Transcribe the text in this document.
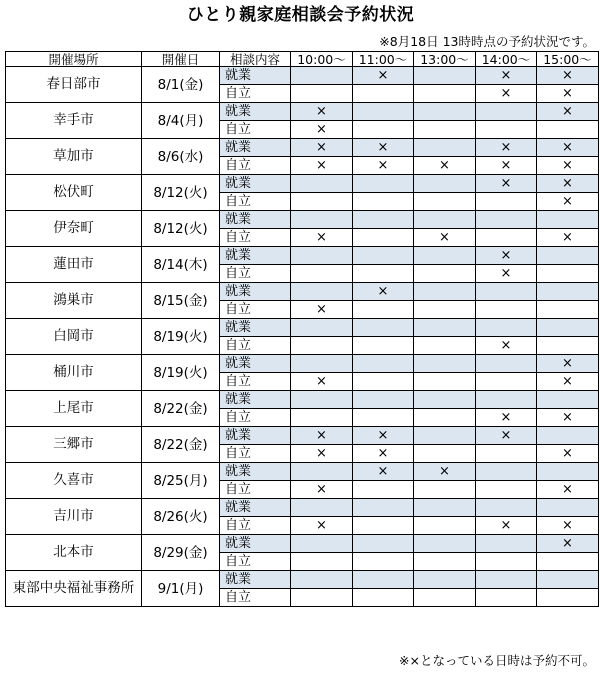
ひとり親家庭相談会予約状況
※8月18日 13時時点の予約状況です。
開催場所	開催日	相談内容	10:00～	11:00～	13:00～	14:00～	15:00～
春日部市	8/1(金)	就業		×		×	×
		自立				×	×
幸手市	8/4(月)	就業	×				×
		自立	×				
草加市	8/6(水)	就業	×	×		×	×
		自立	×	×	×	×	×
松伏町	8/12(火)	就業				×	×
		自立					×
伊奈町	8/12(火)	就業					
		自立	×		×		×
蓮田市	8/14(木)	就業				×	
		自立				×	
鴻巣市	8/15(金)	就業		×			
		自立	×				
白岡市	8/19(火)	就業					
		自立				×	
桶川市	8/19(火)	就業					×
		自立	×				×
上尾市	8/22(金)	就業					
		自立				×	×
三郷市	8/22(金)	就業	×	×		×	
		自立	×	×			×
久喜市	8/25(月)	就業		×	×		
		自立	×				×
吉川市	8/26(火)	就業					
		自立	×			×	×
北本市	8/29(金)	就業					×
		自立					
東部中央福祉事務所	9/1(月)	就業					
		自立					
※×となっている日時は予約不可。
